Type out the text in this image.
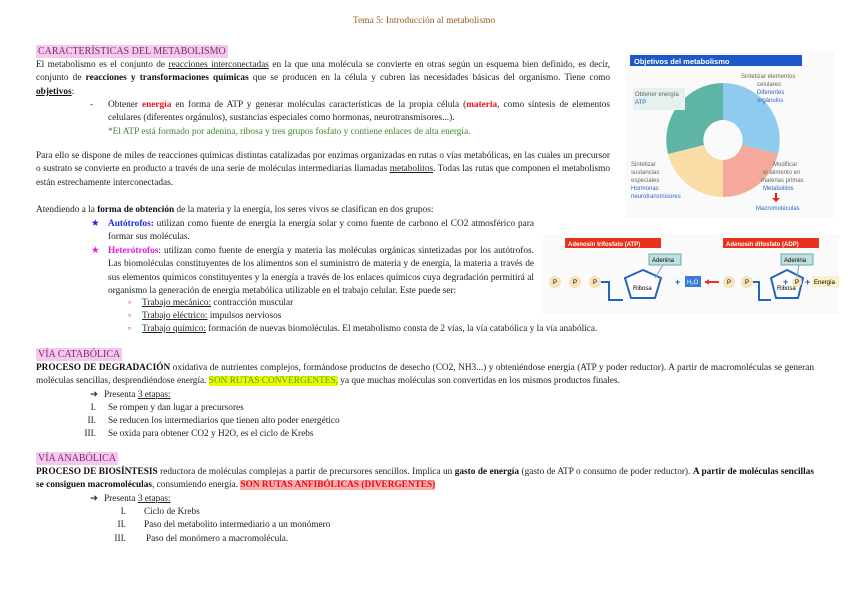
Tema 5: Introducción al metabolismo
CARACTERÍSTICAS DEL METABOLISMO
El metabolismo es el conjunto de reacciones interconectadas en la que una molécula se convierte en otras según un esquema bien definido, es decir, conjunto de reacciones y transformaciones químicas que se producen en la célula y cubren las necesidades básicas del organismo. Tiene como objetivos:
- Obtener energía en forma de ATP y generar moléculas características de la propia célula (materia, como síntesis de elementos celulares (diferentes orgánulos), sustancias especiales como hormonas, neurotransmisores...).
*El ATP está formado por adenina, ribosa y tres grupos fosfato y contiene enlaces de alta energía.
Para ello se dispone de miles de reacciones químicas distintas catalizadas por enzimas organizadas en rutas o vías metabólicas, en las cuales un precursor o sustrato se convierte en producto a través de una serie de moléculas intermediarias llamadas metabolitos. Todas las rutas que componen el metabolismo están estrechamente interconectadas.
Atendiendo a la forma de obtención de la materia y la energía, los seres vivos se clasifican en dos grupos:
★ Autótrofos: utilizan como fuente de energía la energía solar y como fuente de carbono el CO2 atmosférico para formar sus moléculas.
★ Heterótrofos: utilizan como fuente de energía y materia las moléculas orgánicas sintetizadas por los autótrofos. Las biomoléculas constituyentes de los alimentos son el suministro de materia y de energía, la materia a través de sus elementos químicos constituyentes y la energía a través de los enlaces químicos cuya degradación permitirá al organismo la generación de energía metabólica utilizable en el trabajo celular. Este puede ser:
▫ Trabajo mecánico: contracción muscular
▫ Trabajo eléctrico: impulsos nerviosos
▫ Trabajo químico: formación de nuevas biomoléculas. El metabolismo consta de 2 vías, la vía catabólica y la vía anabólica.
Objetivos del metabolismo
Obtener energía
ATP
Sintetizar elementos
celulares
Diferentes
orgánulos
Sintetizar
sustancias
especiales
Hormonas
neurotransmisores
Modificar
el alimento en
materias primas
Metabolitos
Macromoléculas
Adenosín trifosfato (ATP)	Adenosín difosfato (ADP)
P	P	P
Ribosa
Adenina
+ H₂O	P P
Ribosa
Adenina
+ P + Energía
VÍA CATABÓLICA
PROCESO DE DEGRADACIÓN oxidativa de nutrientes complejos, formándose productos de desecho (CO2, NH3...) y obteniéndose energía (ATP y poder reductor). A partir de macromoléculas se generan moléculas sencillas, desprendiéndose energía. SON RUTAS CONVERGENTES, ya que muchas moléculas son convertidas en los mismos productos finales.
➔ Presenta 3 etapas:
I. Se rompen y dan lugar a precursores
II. Se reducen los intermediarios que tienen alto poder energético
III. Se oxida para obtener CO2 y H2O, es el ciclo de Krebs
VÍA ANABÓLICA
PROCESO DE BIOSÍNTESIS reductora de moléculas complejas a partir de precursores sencillos. Implica un gasto de energía (gasto de ATP o consumo de poder reductor). A partir de moléculas sencillas se consiguen macromoléculas, consumiendo energía. SON RUTAS ANFIBÓLICAS (DIVERGENTES)
➔ Presenta 3 etapas:
I. Ciclo de Krebs
II. Paso del metabolito intermediario a un monómero
III. Paso del monómero a macromolécula.
